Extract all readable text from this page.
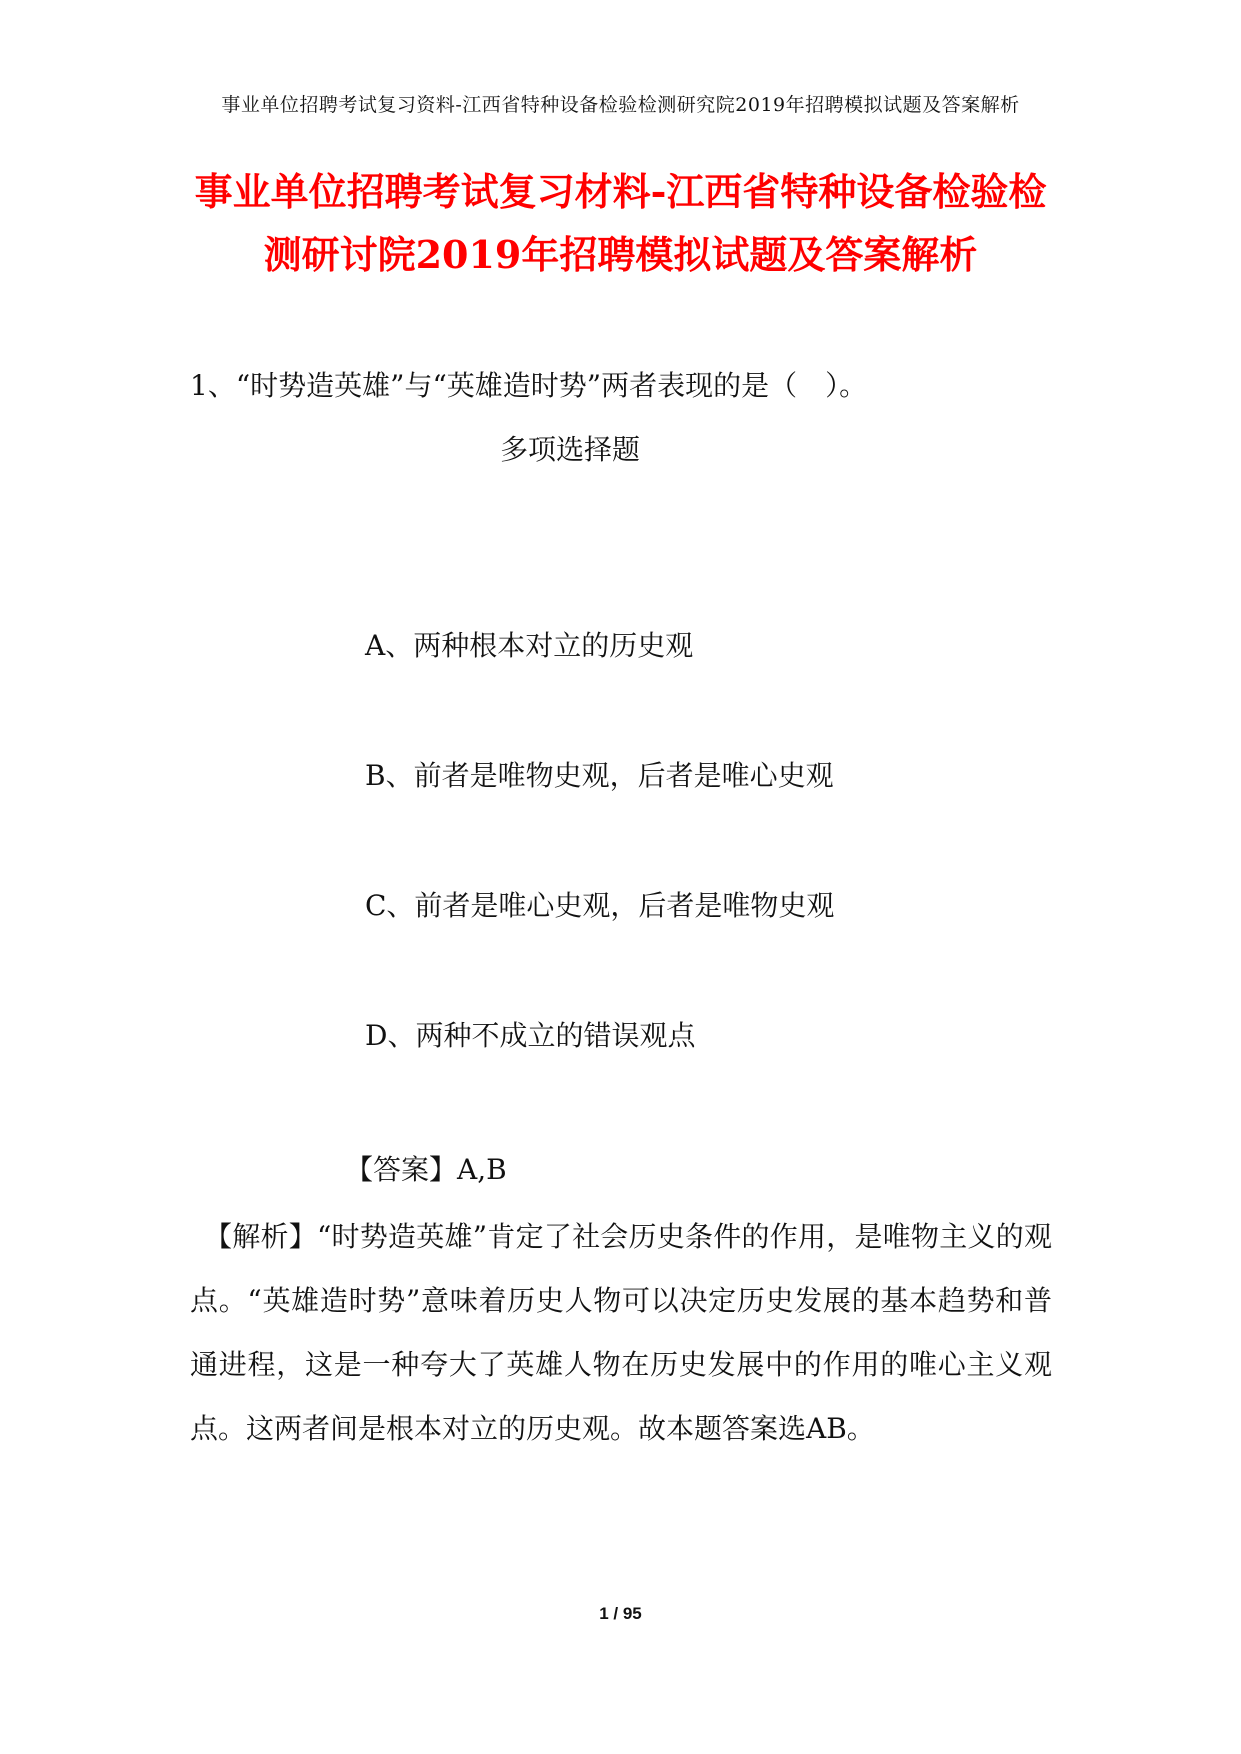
事业单位招聘考试复习资料-江西省特种设备检验检测研究院2019年招聘模拟试题及答案解析
事业单位招聘考试复习材料-江西省特种设备检验检
测研讨院2019年招聘模拟试题及答案解析
1、“时势造英雄”与“英雄造时势”两者表现的是（　）。
多项选择题
A、两种根本对立的历史观
B、前者是唯物史观，后者是唯心史观
C、前者是唯心史观，后者是唯物史观
D、两种不成立的错误观点
【答案】A,B
【解析】“时势造英雄”肯定了社会历史条件的作用，是唯物主义的观点。“英雄造时势”意味着历史人物可以决定历史发展的基本趋势和普通进程，这是一种夸大了英雄人物在历史发展中的作用的唯心主义观点。这两者间是根本对立的历史观。故本题答案选AB。
1 / 95
